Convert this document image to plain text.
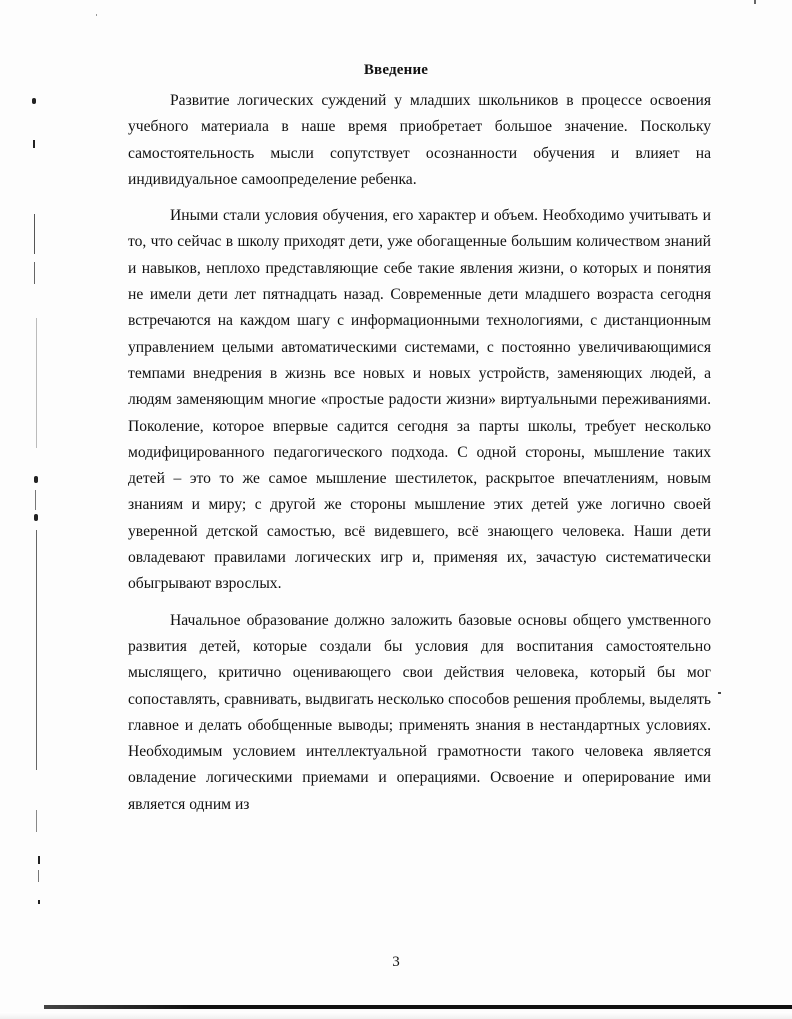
Введение

Развитие логических суждений у младших школьников в процессе освоения учебного материала в наше время приобретает большое значение. Поскольку самостоятельность мысли сопутствует осознанности обучения и влияет на индивидуальное самоопределение ребенка.

Иными стали условия обучения, его характер и объем. Необходимо учитывать и то, что сейчас в школу приходят дети, уже обогащенные большим количеством знаний и навыков, неплохо представляющие себе такие явления жизни, о которых и понятия не имели дети лет пятнадцать назад. Современные дети младшего возраста сегодня встречаются на каждом шагу с информационными технологиями, с дистанционным управлением целыми автоматическими системами, с постоянно увеличивающимися темпами внедрения в жизнь все новых и новых устройств, заменяющих людей, а людям заменяющим многие «простые радости жизни» виртуальными переживаниями. Поколение, которое впервые садится сегодня за парты школы, требует несколько модифицированного педагогического подхода. С одной стороны, мышление таких детей – это то же самое мышление шестилеток, раскрытое впечатлениям, новым знаниям и миру; с другой же стороны мышление этих детей уже логично своей уверенной детской самостью, всё видевшего, всё знающего человека. Наши дети овладевают правилами логических игр и, применяя их, зачастую систематически обыгрывают взрослых.

Начальное образование должно заложить базовые основы общего умственного развития детей, которые создали бы условия для воспитания самостоятельно мыслящего, критично оценивающего свои действия человека, который бы мог сопоставлять, сравнивать, выдвигать несколько способов решения проблемы, выделять главное и делать обобщенные выводы; применять знания в нестандартных условиях. Необходимым условием интеллектуальной грамотности такого человека является овладение логическими приемами и операциями. Освоение и оперирование ими является одним из

3
